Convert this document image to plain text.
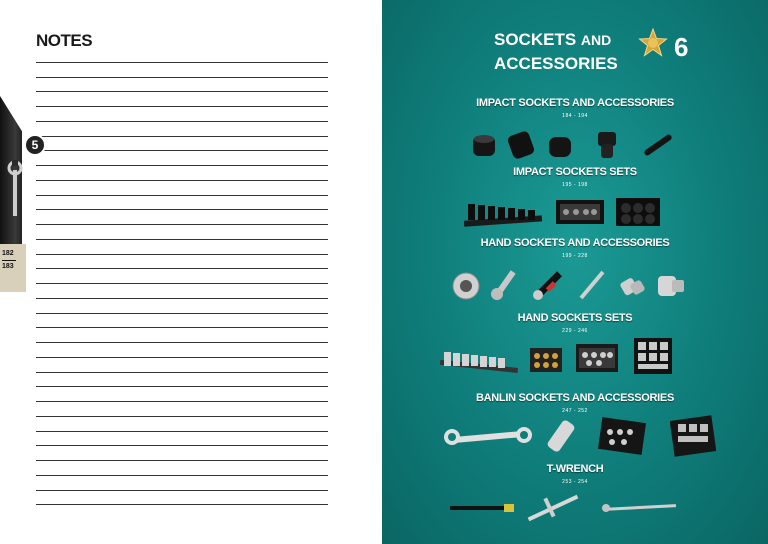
NOTES
5
182
183
SOCKETS AND
ACCESSORIES
6
IMPACT SOCKETS AND ACCESSORIES
184 - 194
IMPACT SOCKETS SETS
195 - 198
HAND SOCKETS AND ACCESSORIES
199 - 228
HAND SOCKETS SETS
229 - 246
BANLIN SOCKETS AND ACCESSORIES
247 - 252
T-WRENCH
253 - 254
